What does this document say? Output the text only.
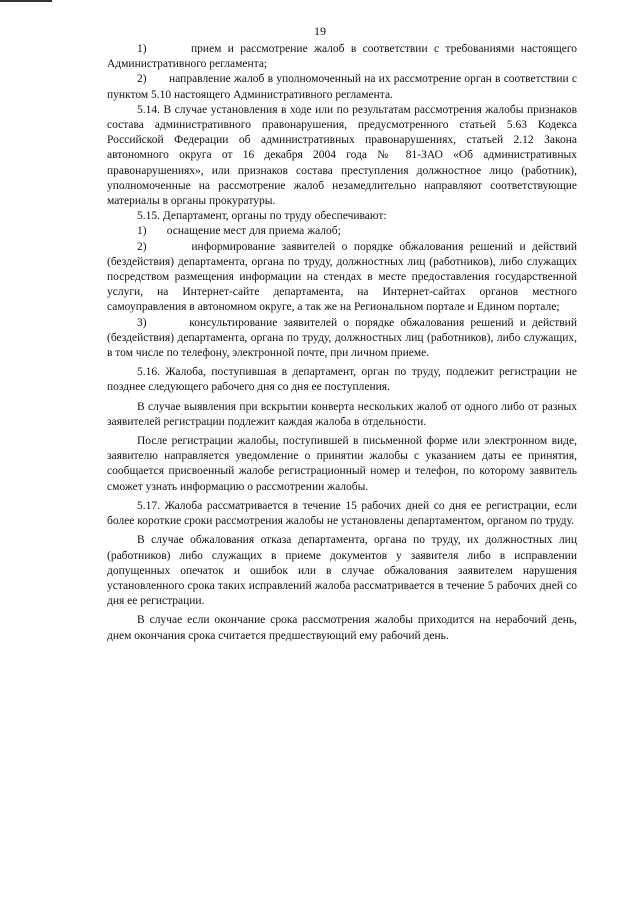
19

1)       прием и рассмотрение жалоб в соответствии с требованиями настоящего Административного регламента;

2)       направление жалоб в уполномоченный на их рассмотрение орган в соответствии с пунктом 5.10 настоящего Административного регламента.

5.14. В случае установления в ходе или по результатам рассмотрения жалобы признаков состава административного правонарушения, предусмотренного статьей 5.63 Кодекса Российской Федерации об административных правонарушениях, статьей 2.12 Закона автономного округа от 16 декабря 2004 года № 81-ЗАО «Об административных правонарушениях», или признаков состава преступления должностное лицо (работник), уполномоченные на рассмотрение жалоб незамедлительно направляют соответствующие материалы в органы прокуратуры.

5.15. Департамент, органы по труду обеспечивают:

1)       оснащение мест для приема жалоб;

2)       информирование заявителей о порядке обжалования решений и действий (бездействия) департамента, органа по труду, должностных лиц (работников), либо служащих посредством размещения информации на стендах в месте предоставления государственной услуги, на Интернет-сайте департамента, на Интернет-сайтах органов местного самоуправления в автономном округе, а так же на Региональном портале и Едином портале;

3)       консультирование заявителей о порядке обжалования решений и действий (бездействия) департамента, органа по труду, должностных лиц (работников), либо служащих, в том числе по телефону, электронной почте, при личном приеме.

5.16. Жалоба, поступившая в департамент, орган по труду, подлежит регистрации не позднее следующего рабочего дня со дня ее поступления.

В случае выявления при вскрытии конверта нескольких жалоб от одного либо от разных заявителей регистрации подлежит каждая жалоба в отдельности.

После регистрации жалобы, поступившей в письменной форме или электронном виде, заявителю направляется уведомление о принятии жалобы с указанием даты ее принятия, сообщается присвоенный жалобе регистрационный номер и телефон, по которому заявитель сможет узнать информацию о рассмотрении жалобы.

5.17. Жалоба рассматривается в течение 15 рабочих дней со дня ее регистрации, если более короткие сроки рассмотрения жалобы не установлены департаментом, органом по труду.

В случае обжалования отказа департамента, органа по труду, их должностных лиц (работников) либо служащих в приеме документов у заявителя либо в исправлении допущенных опечаток и ошибок или в случае обжалования заявителем нарушения установленного срока таких исправлений жалоба рассматривается в течение 5 рабочих дней со дня ее регистрации.

В случае если окончание срока рассмотрения жалобы приходится на нерабочий день, днем окончания срока считается предшествующий ему рабочий день.
